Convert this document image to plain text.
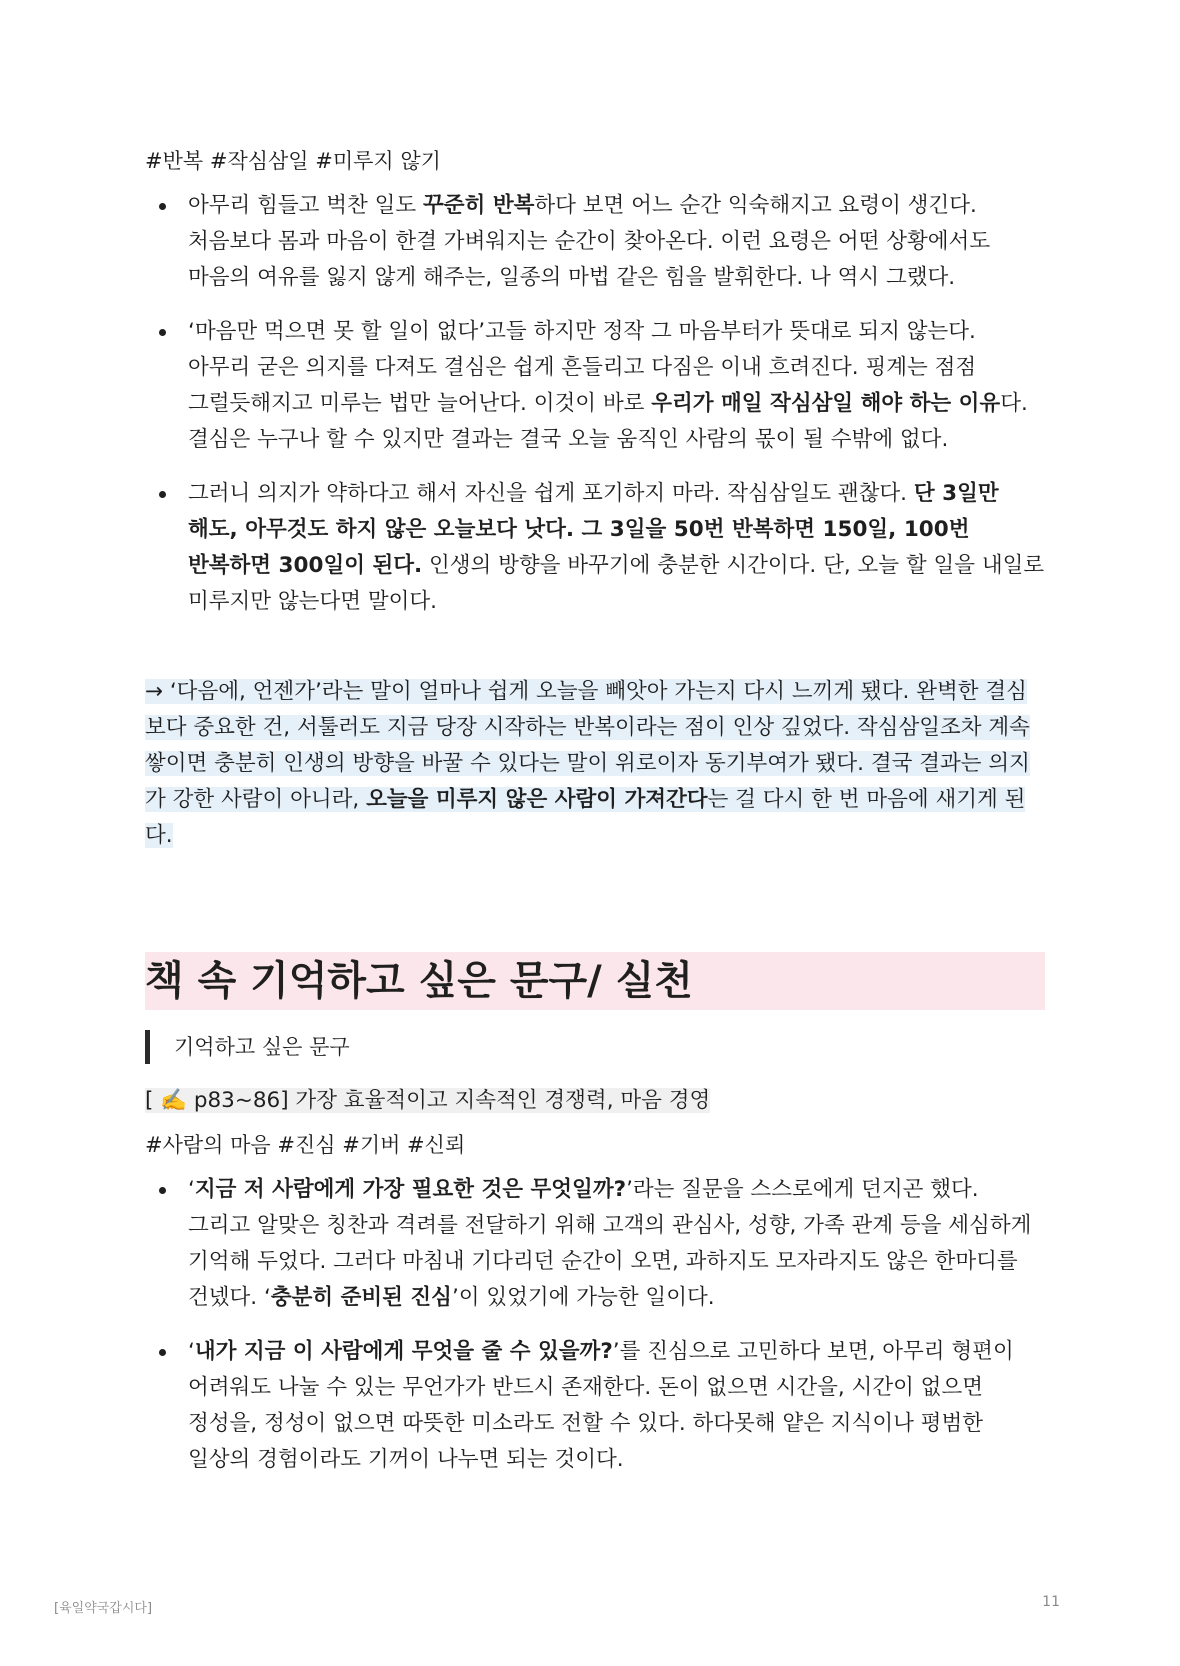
#반복 #작심삼일 #미루지 않기
아무리 힘들고 벅찬 일도 꾸준히 반복하다 보면 어느 순간 익숙해지고 요령이 생긴다. 처음보다 몸과 마음이 한결 가벼워지는 순간이 찾아온다. 이런 요령은 어떤 상황에서도 마음의 여유를 잃지 않게 해주는, 일종의 마법 같은 힘을 발휘한다. 나 역시 그랬다.
‘마음만 먹으면 못 할 일이 없다’고들 하지만 정작 그 마음부터가 뜻대로 되지 않는다. 아무리 굳은 의지를 다져도 결심은 쉽게 흔들리고 다짐은 이내 흐려진다. 핑계는 점점 그럴듯해지고 미루는 법만 늘어난다. 이것이 바로 우리가 매일 작심삼일 해야 하는 이유다. 결심은 누구나 할 수 있지만 결과는 결국 오늘 움직인 사람의 몫이 될 수밖에 없다.
그러니 의지가 약하다고 해서 자신을 쉽게 포기하지 마라. 작심삼일도 괜찮다. 단 3일만 해도, 아무것도 하지 않은 오늘보다 낫다. 그 3일을 50번 반복하면 150일, 100번 반복하면 300일이 된다. 인생의 방향을 바꾸기에 충분한 시간이다. 단, 오늘 할 일을 내일로 미루지만 않는다면 말이다.
→ ‘다음에, 언젠가’라는 말이 얼마나 쉽게 오늘을 빼앗아 가는지 다시 느끼게 됐다. 완벽한 결심보다 중요한 건, 서툴러도 지금 당장 시작하는 반복이라는 점이 인상 깊었다. 작심삼일조차 계속 쌓이면 충분히 인생의 방향을 바꿀 수 있다는 말이 위로이자 동기부여가 됐다. 결국 결과는 의지가 강한 사람이 아니라, 오늘을 미루지 않은 사람이 가져간다는 걸 다시 한 번 마음에 새기게 된다.
책 속 기억하고 싶은 문구/ 실천
기억하고 싶은 문구
[ ✍️ p83~86] 가장 효율적이고 지속적인 경쟁력, 마음 경영
#사람의 마음 #진심 #기버 #신뢰
‘지금 저 사람에게 가장 필요한 것은 무엇일까?’라는 질문을 스스로에게 던지곤 했다. 그리고 알맞은 칭찬과 격려를 전달하기 위해 고객의 관심사, 성향, 가족 관계 등을 세심하게 기억해 두었다. 그러다 마침내 기다리던 순간이 오면, 과하지도 모자라지도 않은 한마디를 건넸다. ‘충분히 준비된 진심’이 있었기에 가능한 일이다.
‘내가 지금 이 사람에게 무엇을 줄 수 있을까?’를 진심으로 고민하다 보면, 아무리 형편이 어려워도 나눌 수 있는 무언가가 반드시 존재한다. 돈이 없으면 시간을, 시간이 없으면 정성을, 정성이 없으면 따뜻한 미소라도 전할 수 있다. 하다못해 얕은 지식이나 평범한 일상의 경험이라도 기꺼이 나누면 되는 것이다.
[육일약국갑시다]	11
